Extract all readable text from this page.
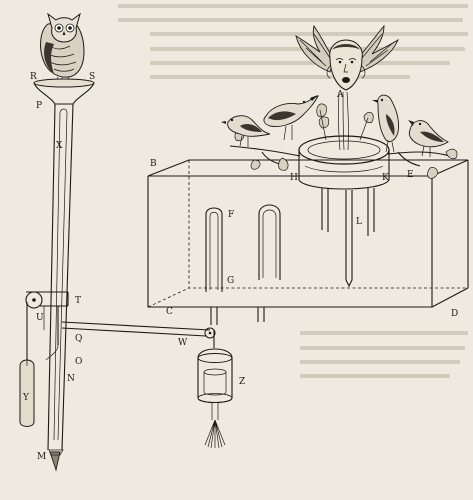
R	S
P
X
A
B
H	K E
F
G
L
C	D
T
U
Q
O
N
W
Y
Z
M
